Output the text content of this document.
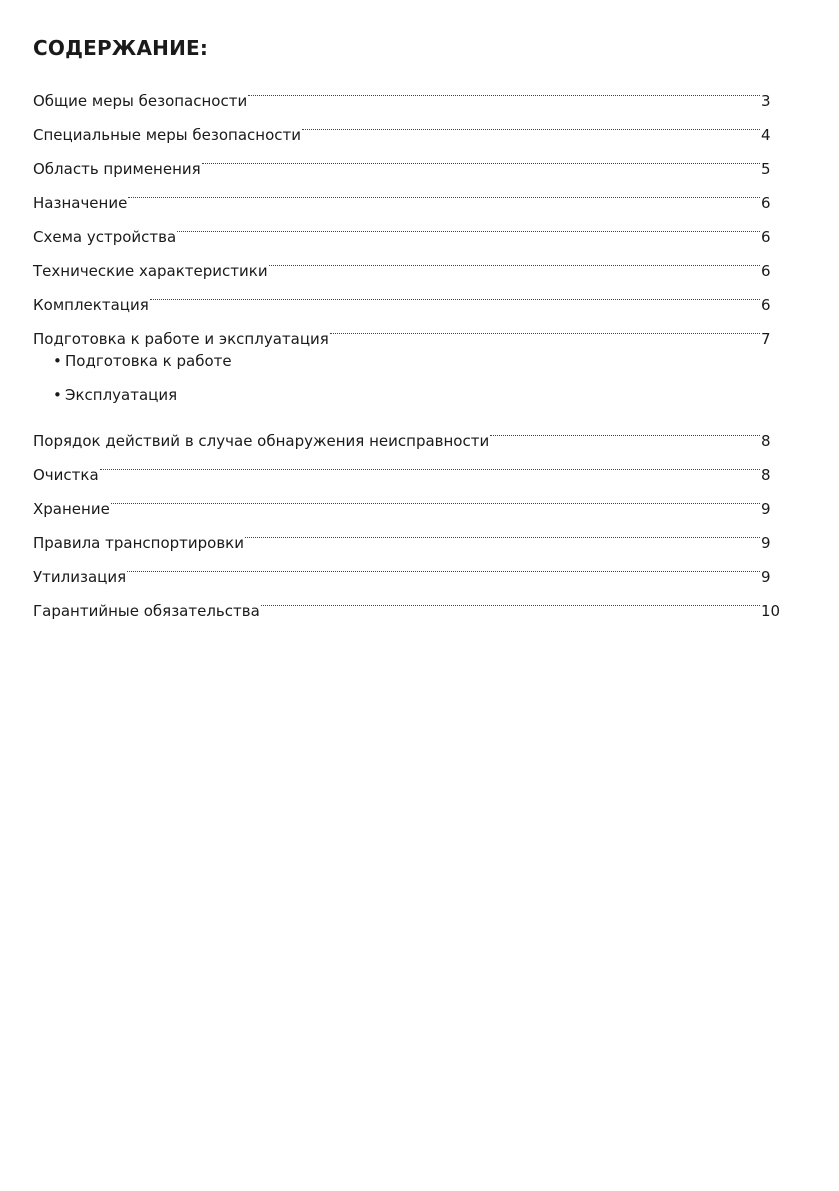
СОДЕРЖАНИЕ:
Общие меры безопасности	3
Специальные меры безопасности	4
Область применения	5
Назначение	6
Схема устройства	6
Технические характеристики	6
Комплектация	6
Подготовка к работе и эксплуатация	7
• Подготовка к работе
• Эксплуатация
Порядок действий в случае обнаружения неисправности	8
Очистка	8
Хранение	9
Правила транспортировки	9
Утилизация	9
Гарантийные обязательства	10
